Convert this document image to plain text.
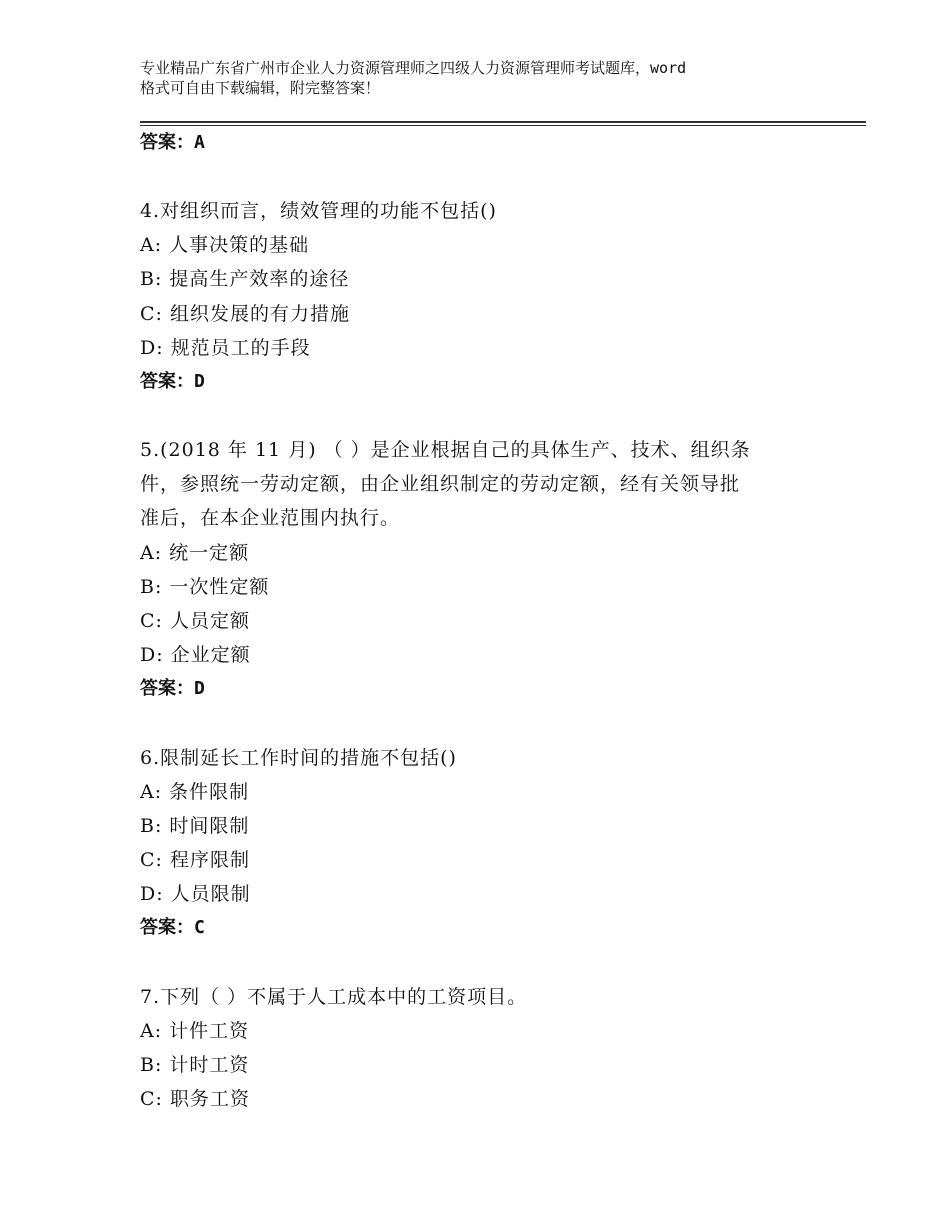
专业精品广东省广州市企业人力资源管理师之四级人力资源管理师考试题库，word
格式可自由下载编辑，附完整答案！
答案：A
4.对组织而言，绩效管理的功能不包括()
A: 人事决策的基础
B: 提高生产效率的途径
C: 组织发展的有力措施
D: 规范员工的手段
答案：D
5.(2018 年 11 月) （ ）是企业根据自己的具体生产、技术、组织条
件，参照统一劳动定额，由企业组织制定的劳动定额，经有关领导批
准后，在本企业范围内执行。
A: 统一定额
B: 一次性定额
C: 人员定额
D: 企业定额
答案：D
6.限制延长工作时间的措施不包括()
A: 条件限制
B: 时间限制
C: 程序限制
D: 人员限制
答案：C
7.下列（ ）不属于人工成本中的工资项目。
A: 计件工资
B: 计时工资
C: 职务工资
